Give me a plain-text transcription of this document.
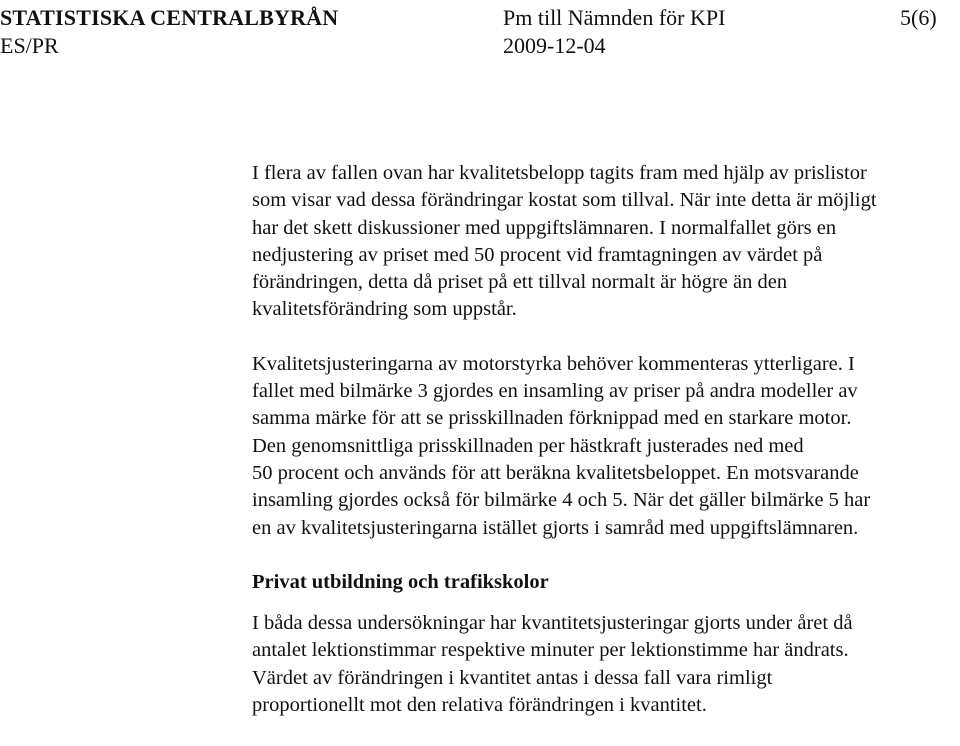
STATISTISKA CENTRALBYRÅN
ES/PR
Pm till Nämnden för KPI
2009-12-04
5(6)

I flera av fallen ovan har kvalitetsbelopp tagits fram med hjälp av prislistor

som visar vad dessa förändringar kostat som tillval. När inte detta är möjligt

har det skett diskussioner med uppgiftslämnaren. I normalfallet görs en

nedjustering av priset med 50 procent vid framtagningen av värdet på

förändringen, detta då priset på ett tillval normalt är högre än den

kvalitetsförändring som uppstår.

Kvalitetsjusteringarna av motorstyrka behöver kommenteras ytterligare. I

fallet med bilmärke 3 gjordes en insamling av priser på andra modeller av

samma märke för att se prisskillnaden förknippad med en starkare motor.

Den genomsnittliga prisskillnaden per hästkraft justerades ned med

50 procent och används för att beräkna kvalitetsbeloppet. En motsvarande

insamling gjordes också för bilmärke 4 och 5. När det gäller bilmärke 5 har

en av kvalitetsjusteringarna istället gjorts i samråd med uppgiftslämnaren.

Privat utbildning och trafikskolor

I båda dessa undersökningar har kvantitetsjusteringar gjorts under året då

antalet lektionstimmar respektive minuter per lektionstimme har ändrats.

Värdet av förändringen i kvantitet antas i dessa fall vara rimligt

proportionellt mot den relativa förändringen i kvantitet.
